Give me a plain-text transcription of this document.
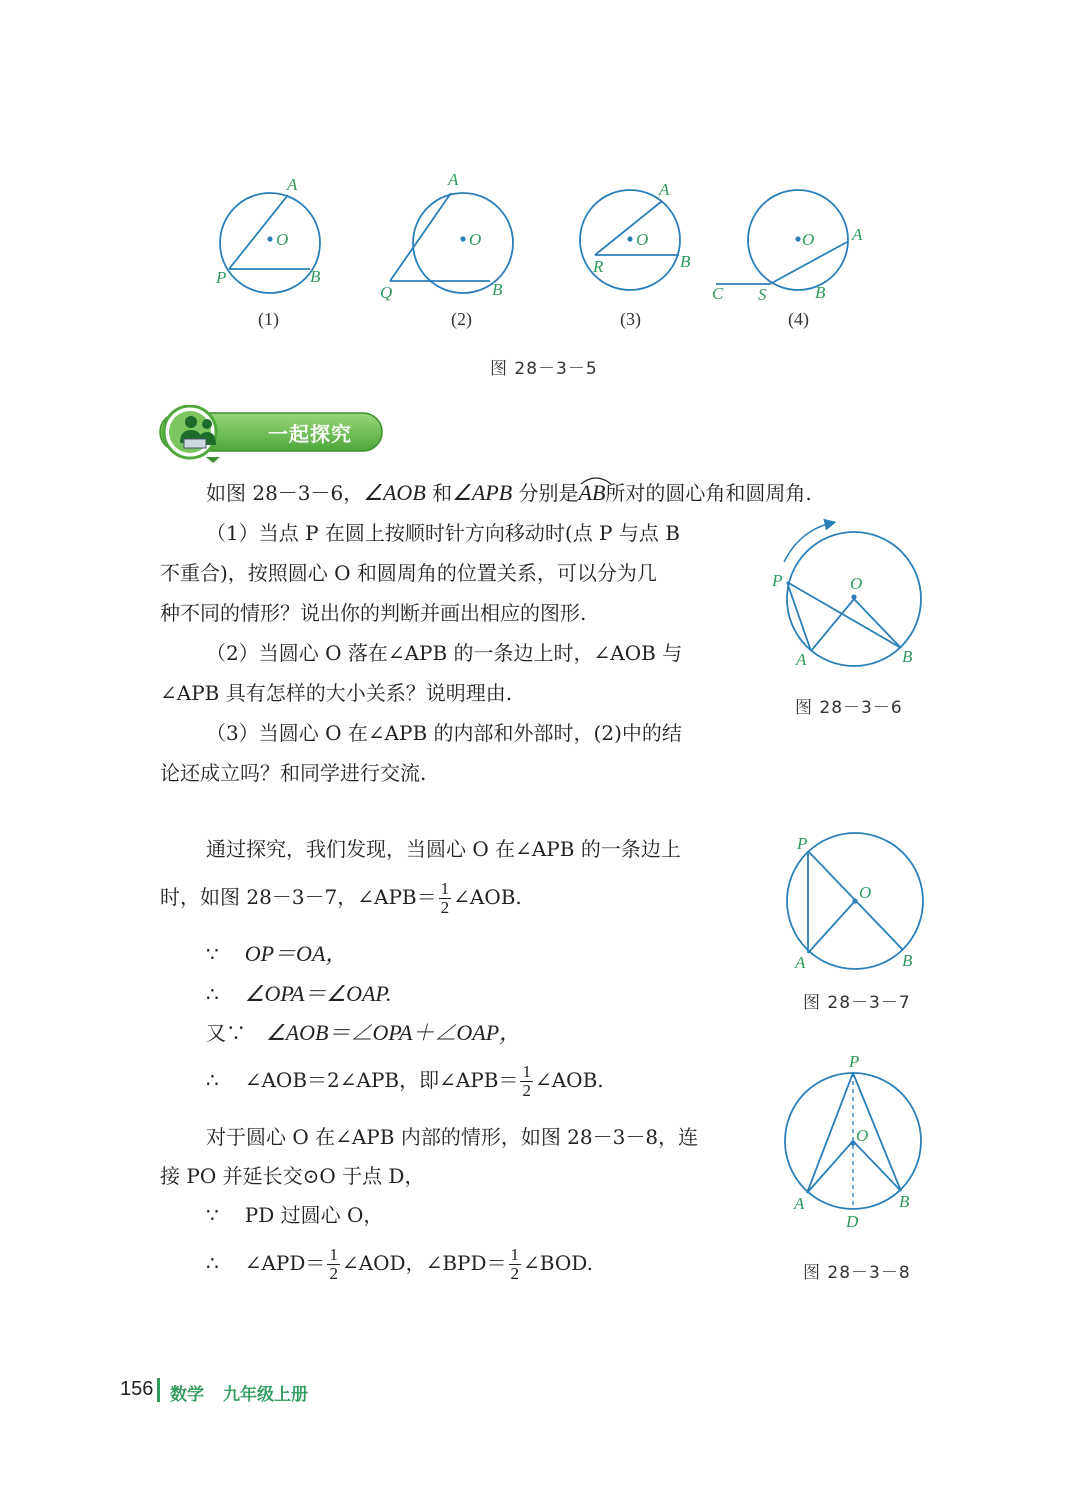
A
O
P	B
A
O
Q	B
A
O
R	B
O A
C S	B
(1)	(2)	(3)	(4)
图 28－3－5
一起探究
如图 28－3－6，∠AOB 和∠APB 分别是
AB所对的圆心角和圆周角.
（1）当点 P 在圆上按顺时针方向移动时(点 P 与点 B
不重合)，按照圆心 O 和圆周角的位置关系，可以分为几
种不同的情形？说出你的判断并画出相应的图形.
（2）当圆心 O 落在∠APB 的一条边上时，∠AOB 与
∠APB 具有怎样的大小关系？说明理由.
（3）当圆心 O 在∠APB 的内部和外部时，(2)中的结
论还成立吗？和同学进行交流.
P	O
A	B
图 28－3－6
通过探究，我们发现，当圆心 O 在∠APB 的一条边上
时，如图 28－3－7，∠APB＝ $\frac{1}{2}$ ∠AOB.
∵ OP＝OA，
∴ ∠OPA＝∠OAP.
又∵ ∠AOB＝∠OPA＋∠OAP，
∴ ∠AOB＝2∠APB，即∠APB＝ $\frac{1}{2}$ ∠AOB.
对于圆心 O 在∠APB 内部的情形，如图 28－3－8，连
接 PO 并延长交⊙O 于点 D，
∵ PD 过圆心 O，
∴ ∠APD＝ $\frac{1}{2}$ ∠AOD，∠BPD＝ $\frac{1}{2}$ ∠BOD.
P
O
A	B
图 28－3－7
P
O
A	B
D
图 28－3－8
156 数学 九年级上册
